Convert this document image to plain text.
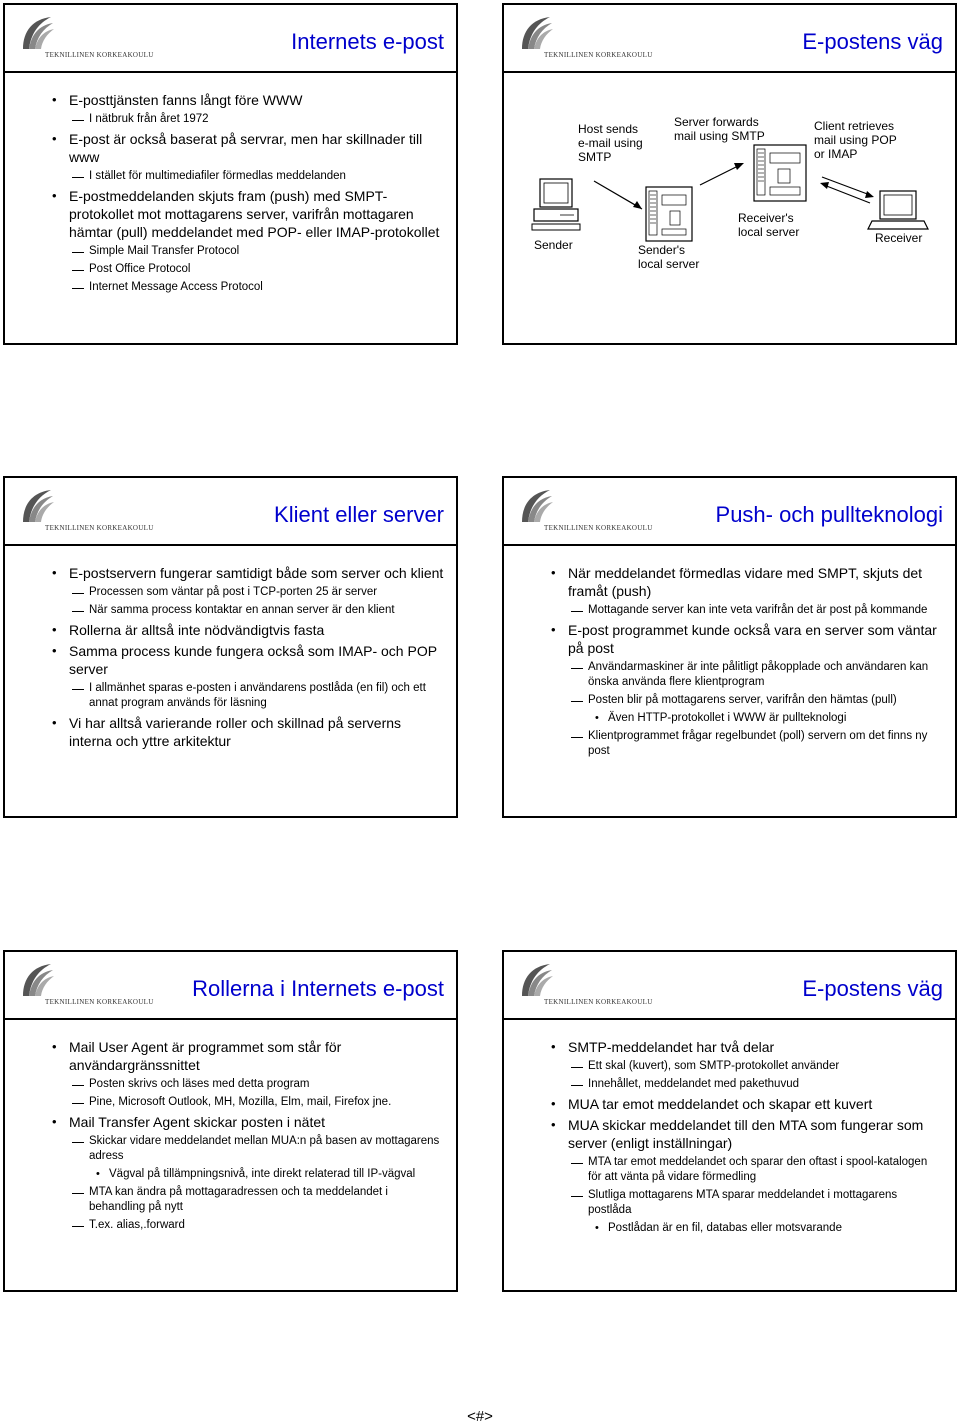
TEKNILLINEN KORKEAKOULU
Internets e-post
• E-posttjänsten fanns långt före WWW
I nätbruk från året 1972
• E-post är också baserat på servrar, men har skillnader till www
I stället för multimediafiler förmedlas meddelanden
• E-postmeddelanden skjuts fram (push) med SMPT-protokollet mot mottagarens server, varifrån mottagaren hämtar (pull) meddelandet med POP- eller IMAP-protokollet
Simple Mail Transfer Protocol
Post Office Protocol
Internet Message Access Protocol
TEKNILLINEN KORKEAKOULU
E-postens väg
Host sends
e-mail using
SMTP
Server forwards
mail using SMTP
Client retrieves
mail using POP
or IMAP
Sender	Sender's
local server
Receiver's
local server	Receiver
TEKNILLINEN KORKEAKOULU
Klient eller server
• E-postservern fungerar samtidigt både som server och klient
Processen som väntar på post i TCP-porten 25 är server
När samma process kontaktar en annan server är den klient
• Rollerna är alltså inte nödvändigtvis fasta
• Samma process kunde fungera också som IMAP- och POP server
I allmänhet sparas e-posten i användarens postlåda (en fil) och ett annat program används för läsning
• Vi har alltså varierande roller och skillnad på serverns interna och yttre arkitektur
TEKNILLINEN KORKEAKOULU
Push- och pullteknologi
• När meddelandet förmedlas vidare med SMPT, skjuts det framåt (push)
Mottagande server kan inte veta varifrån det är post på kommande
• E-post programmet kunde också vara en server som väntar på post
Användarmaskiner är inte pålitligt påkopplade och användaren kan önska använda flere klientprogram
Posten blir på mottagarens server, varifrån den hämtas (pull)
• Även HTTP-protokollet i WWW är pullteknologi
Klientprogrammet frågar regelbundet (poll) servern om det finns ny post
TEKNILLINEN KORKEAKOULU
Rollerna i Internets e-post
• Mail User Agent är programmet som står för användargränssnittet
Posten skrivs och läses med detta program
Pine, Microsoft Outlook, MH, Mozilla, Elm, mail, Firefox jne.
• Mail Transfer Agent skickar posten i nätet
Skickar vidare meddelandet mellan MUA:n på basen av mottagarens adress
• Vägval på tillämpningsnivå, inte direkt relaterad till IP-vägval
MTA kan ändra på mottagaradressen och ta meddelandet i behandling på nytt
T.ex. alias,.forward
TEKNILLINEN KORKEAKOULU
E-postens väg
• SMTP-meddelandet har två delar
Ett skal (kuvert), som SMTP-protokollet använder
Innehållet, meddelandet med pakethuvud
• MUA tar emot meddelandet och skapar ett kuvert
• MUA skickar meddelandet till den MTA som fungerar som server (enligt inställningar)
MTA tar emot meddelandet och sparar den oftast i spool-katalogen för att vänta på vidare förmedling
Slutliga mottagarens MTA sparar meddelandet i mottagarens postlåda
• Postlådan är en fil, databas eller motsvarande
<#>
